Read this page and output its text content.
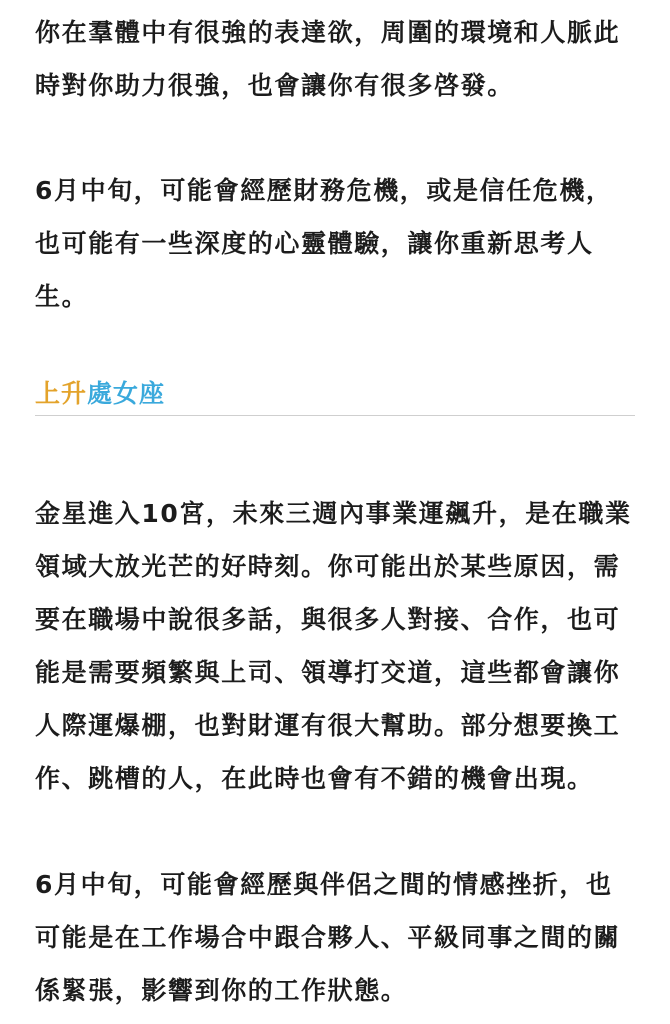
你在羣體中有很強的表達欲，周圍的環境和人脈此時對你助力很強，也會讓你有很多啓發。

6月中旬，可能會經歷財務危機，或是信任危機，也可能有一些深度的心靈體驗，讓你重新思考人生。

上升處女座

金星進入10宮，未來三週內事業運飆升，是在職業領域大放光芒的好時刻。你可能出於某些原因，需要在職場中說很多話，與很多人對接、合作，也可能是需要頻繁與上司、領導打交道，這些都會讓你人際運爆棚，也對財運有很大幫助。部分想要換工作、跳槽的人，在此時也會有不錯的機會出現。

6月中旬，可能會經歷與伴侶之間的情感挫折，也可能是在工作場合中跟合夥人、平級同事之間的關係緊張，影響到你的工作狀態。
